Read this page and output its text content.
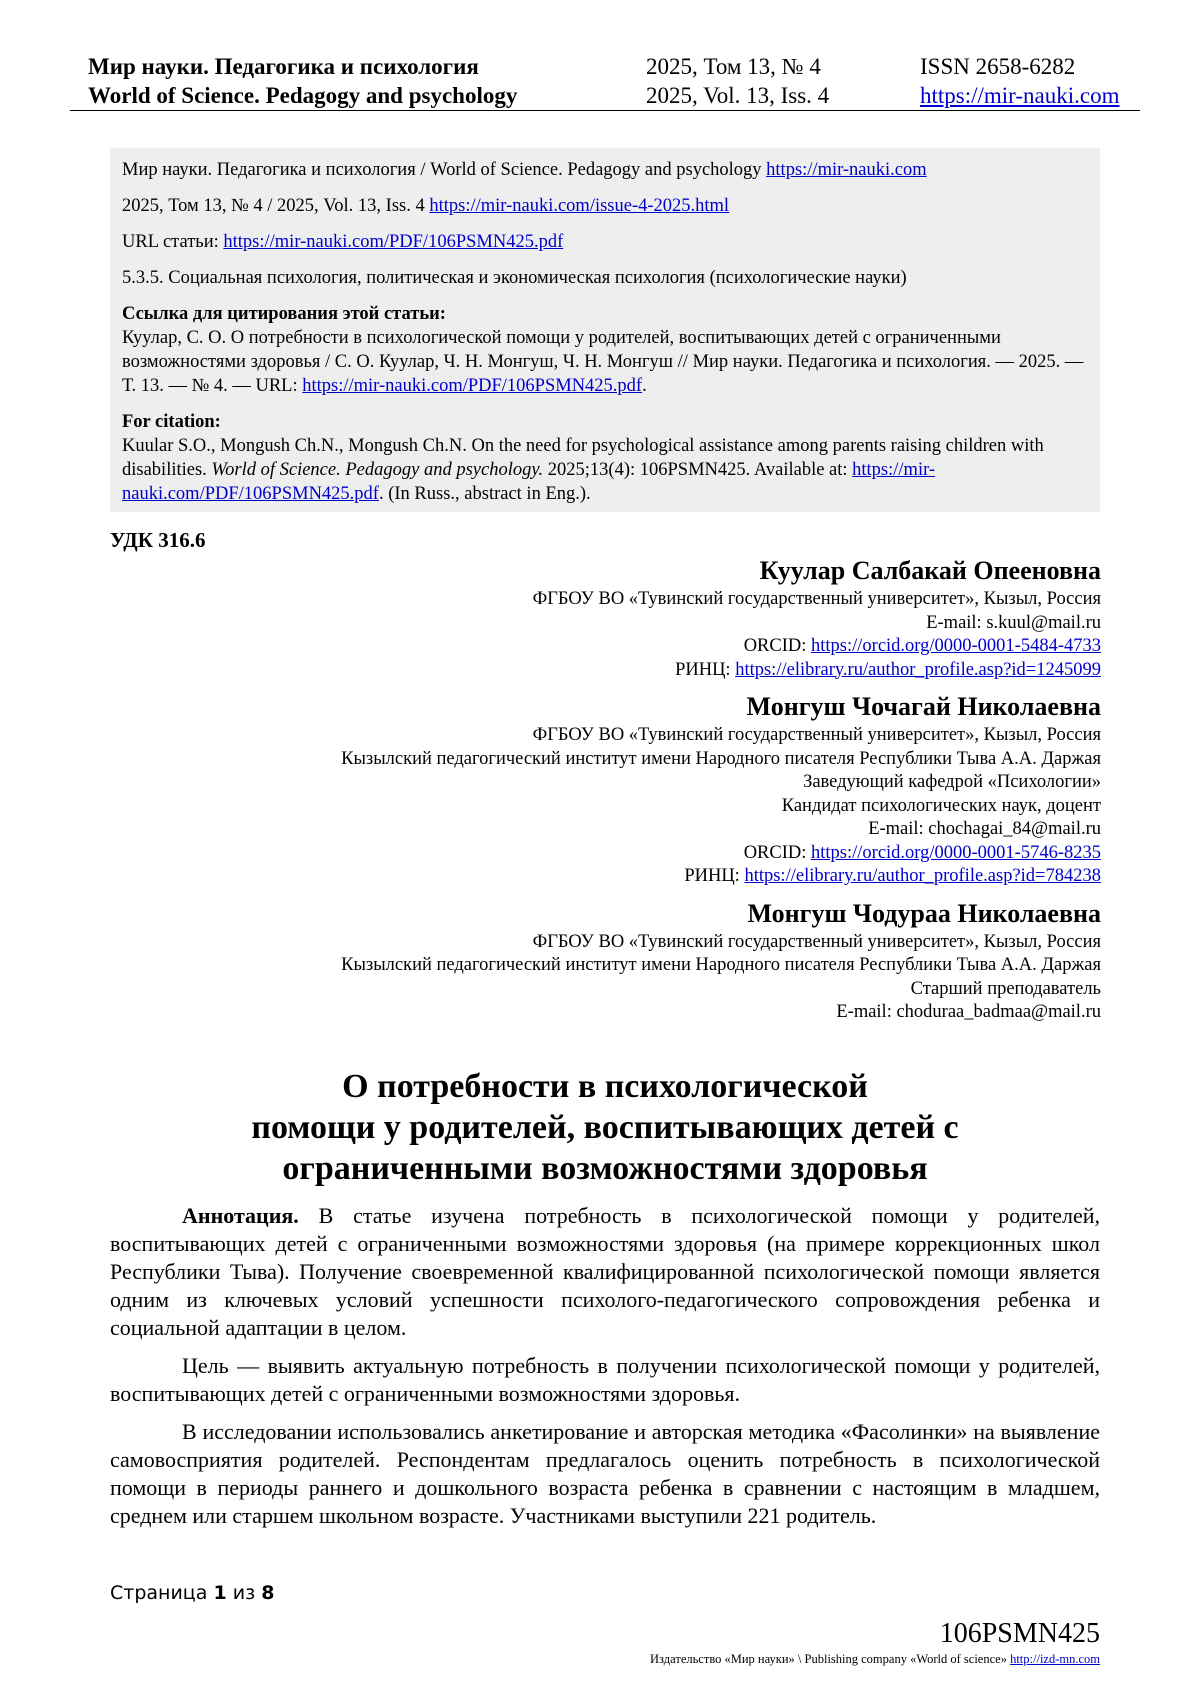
Мир науки. Педагогика и психология	2025, Том 13, № 4	ISSN 2658-6282
World of Science. Pedagogy and psychology	2025, Vol. 13, Iss. 4	https://mir-nauki.com

Мир науки. Педагогика и психология / World of Science. Pedagogy and psychology https://mir-nauki.com

2025, Том 13, № 4 / 2025, Vol. 13, Iss. 4 https://mir-nauki.com/issue-4-2025.html

URL статьи: https://mir-nauki.com/PDF/106PSMN425.pdf

5.3.5. Социальная психология, политическая и экономическая психология (психологические науки)

Ссылка для цитирования этой статьи:
Куулар, С. О. О потребности в психологической помощи у родителей, воспитывающих детей с ограниченными возможностями здоровья / С. О. Куулар, Ч. Н. Монгуш, Ч. Н. Монгуш // Мир науки. Педагогика и психология. — 2025. — Т. 13. — № 4. — URL: https://mir-nauki.com/PDF/106PSMN425.pdf.
For citation:
Kuular S.O., Mongush Ch.N., Mongush Ch.N. On the need for psychological assistance among parents raising children with disabilities. World of Science. Pedagogy and psychology. 2025;13(4): 106PSMN425. Available at: https://mir-nauki.com/PDF/106PSMN425.pdf. (In Russ., abstract in Eng.).
УДК 316.6
Куулар Салбакай Опееновна
ФГБОУ ВО «Тувинский государственный университет», Кызыл, Россия
E-mail: s.kuul@mail.ru
ORCID: https://orcid.org/0000-0001-5484-4733
РИНЦ: https://elibrary.ru/author_profile.asp?id=1245099
Монгуш Чочагай Николаевна
ФГБОУ ВО «Тувинский государственный университет», Кызыл, Россия
Кызылский педагогический институт имени Народного писателя Республики Тыва А.А. Даржая
Заведующий кафедрой «Психологии»
Кандидат психологических наук, доцент
E-mail: chochagai_84@mail.ru
ORCID: https://orcid.org/0000-0001-5746-8235
РИНЦ: https://elibrary.ru/author_profile.asp?id=784238
Монгуш Чодураа Николаевна
ФГБОУ ВО «Тувинский государственный университет», Кызыл, Россия
Кызылский педагогический институт имени Народного писателя Республики Тыва А.А. Даржая
Старший преподаватель
E-mail: choduraa_badmaa@mail.ru
О потребности в психологической
помощи у родителей, воспитывающих детей с
ограниченными возможностями здоровья

Аннотация. В статье изучена потребность в психологической помощи у родителей, воспитывающих детей с ограниченными возможностями здоровья (на примере коррекционных школ Республики Тыва). Получение своевременной квалифицированной психологической помощи является одним из ключевых условий успешности психолого-педагогического сопровождения ребенка и социальной адаптации в целом.

Цель — выявить актуальную потребность в получении психологической помощи у родителей, воспитывающих детей с ограниченными возможностями здоровья.

В исследовании использовались анкетирование и авторская методика «Фасолинки» на выявление самовосприятия родителей. Респондентам предлагалось оценить потребность в психологической помощи в периоды раннего и дошкольного возраста ребенка в сравнении с настоящим в младшем, среднем или старшем школьном возрасте. Участниками выступили 221 родитель.

Страница 1 из 8
106PSMN425
Издательство «Мир науки» \ Publishing company «World of science» http://izd-mn.com
